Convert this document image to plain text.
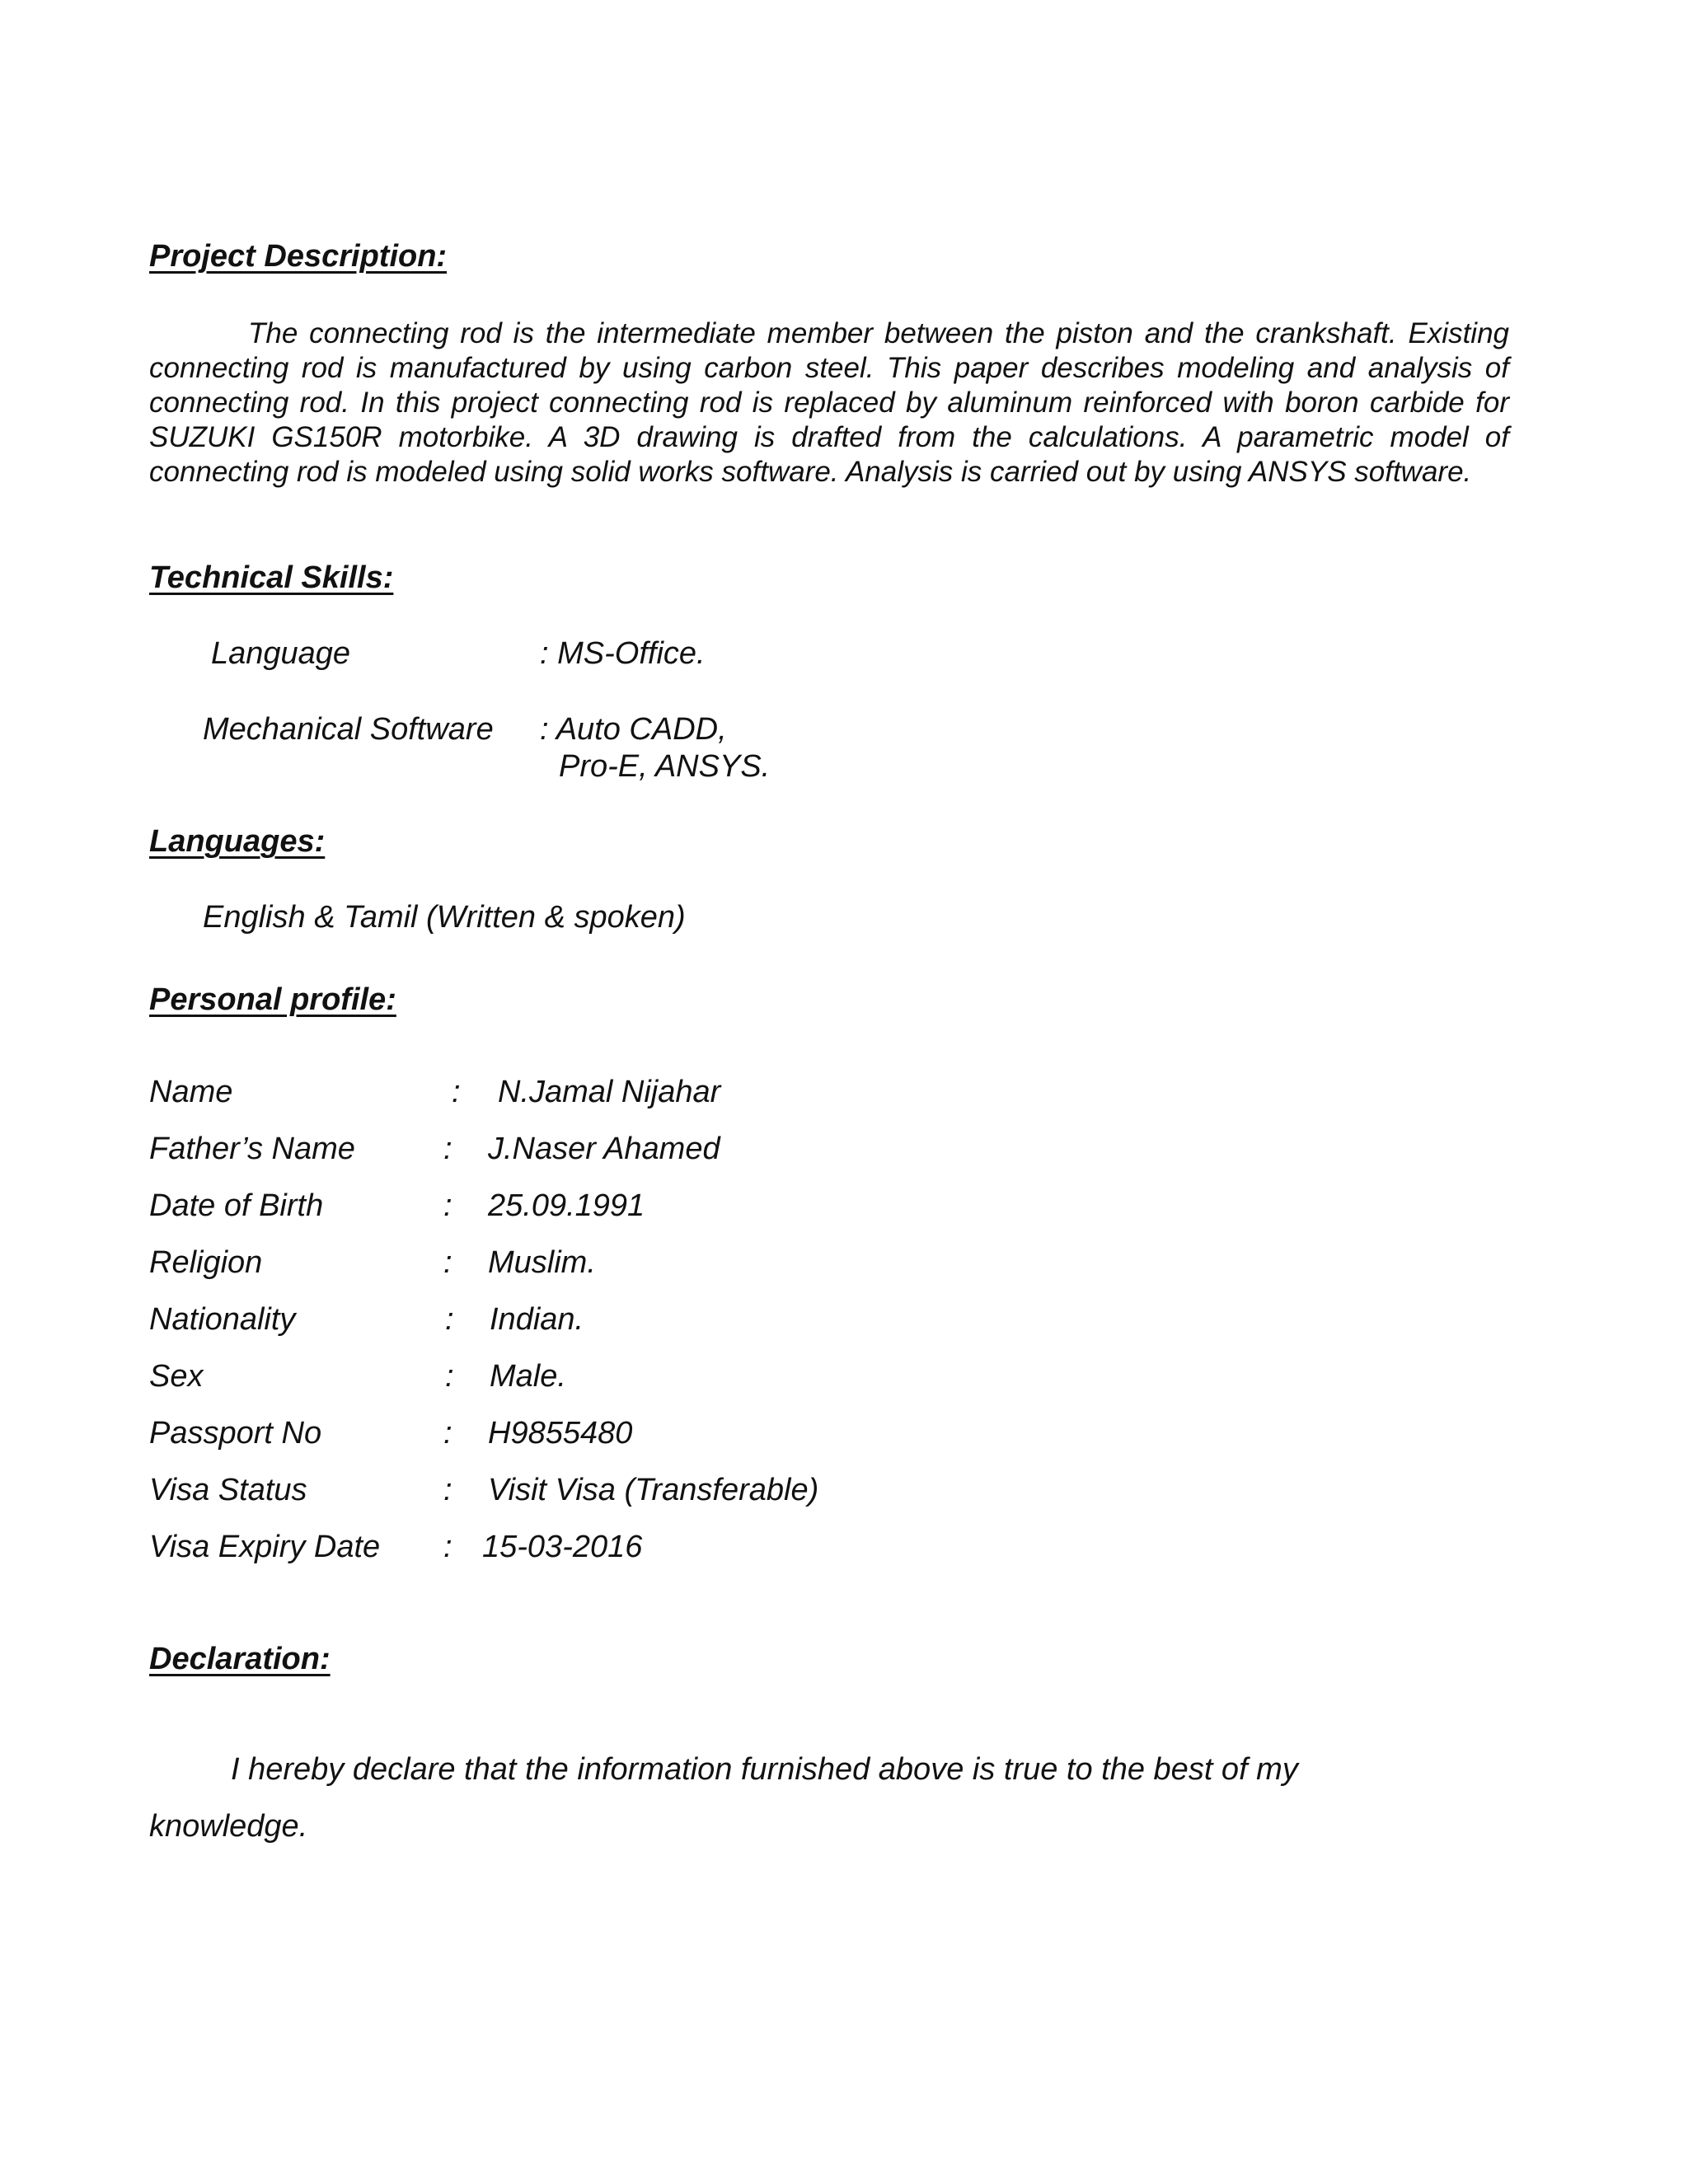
Project Description:

The connecting rod is the intermediate member between the piston and the crankshaft. Existing connecting rod is manufactured by using carbon steel. This paper describes modeling and analysis of connecting rod. In this project connecting rod is replaced by aluminum reinforced with boron carbide for SUZUKI GS150R motorbike. A 3D drawing is drafted from the calculations. A parametric model of connecting rod is modeled using solid works software. Analysis is carried out by using ANSYS software.

Technical Skills:
Language	: MS-Office.
Mechanical Software : Auto CADD,
Pro-E, ANSYS.
Languages:
English & Tamil (Written & spoken)
Personal profile:
Name	: N.Jamal Nijahar
Father’s Name	: J.Naser Ahamed
Date of Birth	: 25.09.1991
Religion	: Muslim.
Nationality	: Indian.
Sex	: Male.
Passport No	: H9855480
Visa Status	: Visit Visa (Transferable)
Visa Expiry Date : 15-03-2016
Declaration:
I hereby declare that the information furnished above is true to the best of my
knowledge.
